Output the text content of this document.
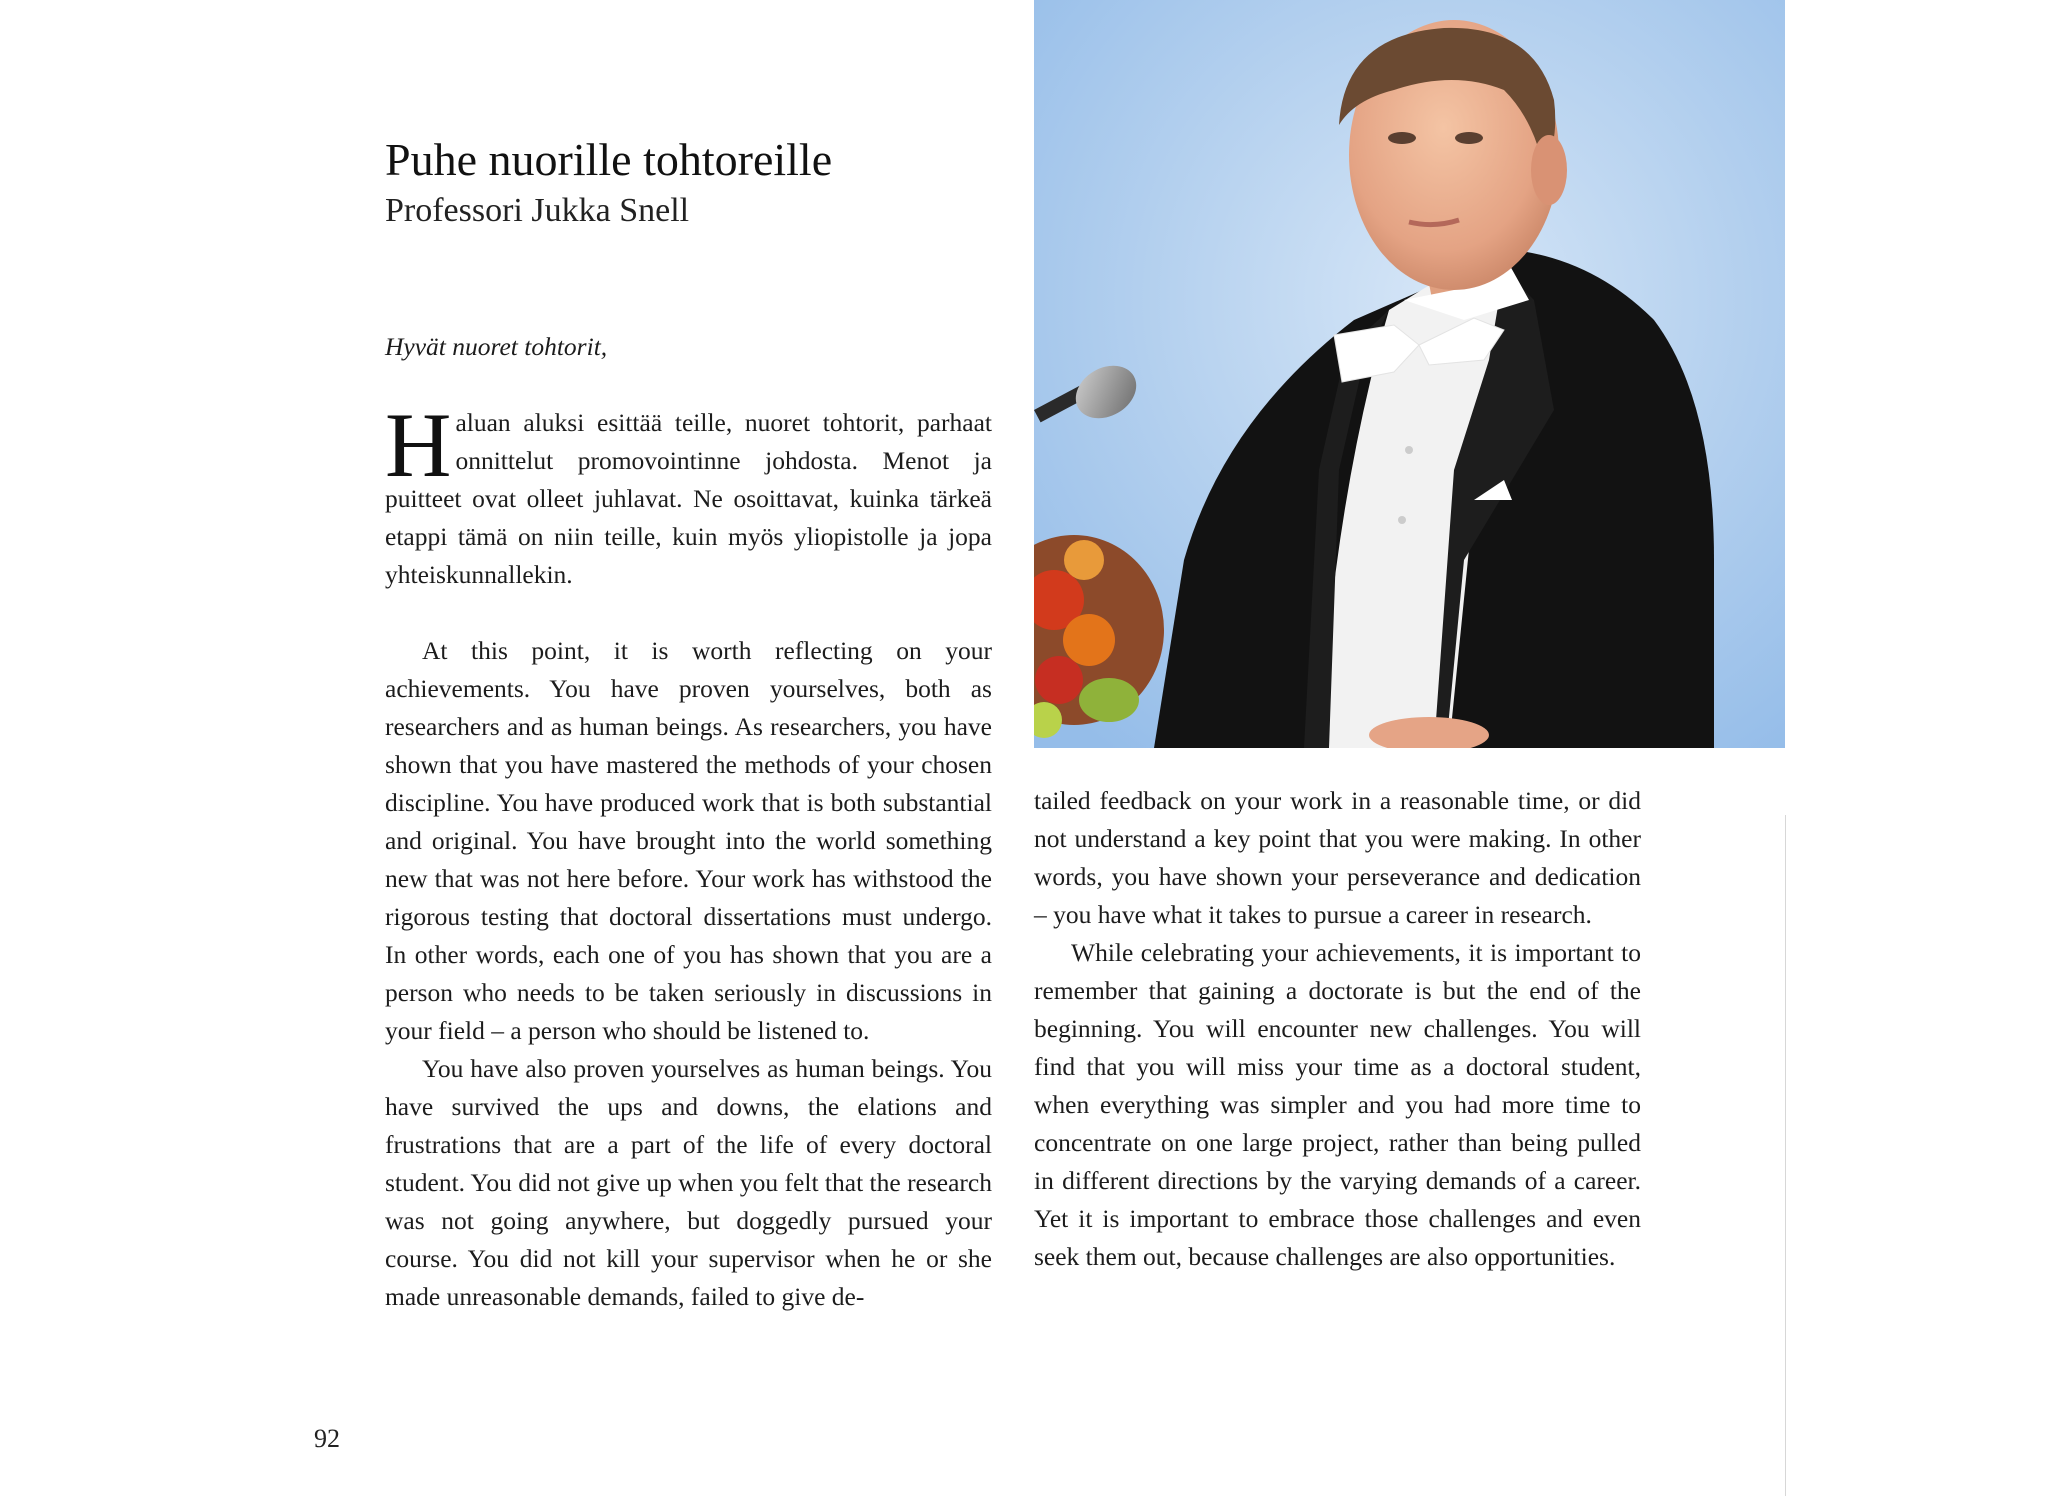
Puhe nuorille tohtoreille

Professori Jukka Snell

Hyvät nuoret tohtorit,

Haluan aluksi esittää teille, nuoret tohtorit, parhaat onnittelut promovointinne johdosta. Menot ja puitteet ovat olleet juhlavat. Ne osoittavat, kuinka tärkeä etappi tämä on niin teille, kuin myös yliopistolle ja jopa yhteiskunnallekin.

At this point, it is worth reflecting on your achievements. You have proven yourselves, both as researchers and as human beings. As researchers, you have shown that you have mastered the methods of your chosen discipline. You have produced work that is both substantial and original. You have brought into the world something new that was not here before. Your work has withstood the rigorous testing that doctoral dissertations must undergo. In other words, each one of you has shown that you are a person who needs to be taken seriously in discussions in your field – a person who should be listened to.

You have also proven yourselves as human beings. You have survived the ups and downs, the elations and frustrations that are a part of the life of every doctoral student. You did not give up when you felt that the research was not going anywhere, but doggedly pursued your course. You did not kill your supervisor when he or she made unreasonable demands, failed to give de-

tailed feedback on your work in a reasonable time, or did not understand a key point that you were making. In other words, you have shown your perseverance and dedication – you have what it takes to pursue a career in research.

While celebrating your achievements, it is important to remember that gaining a doctorate is but the end of the beginning. You will encounter new challenges. You will find that you will miss your time as a doctoral student, when everything was simpler and you had more time to concentrate on one large project, rather than being pulled in different directions by the varying demands of a career. Yet it is important to embrace those challenges and even seek them out, because challenges are also opportunities.

92
